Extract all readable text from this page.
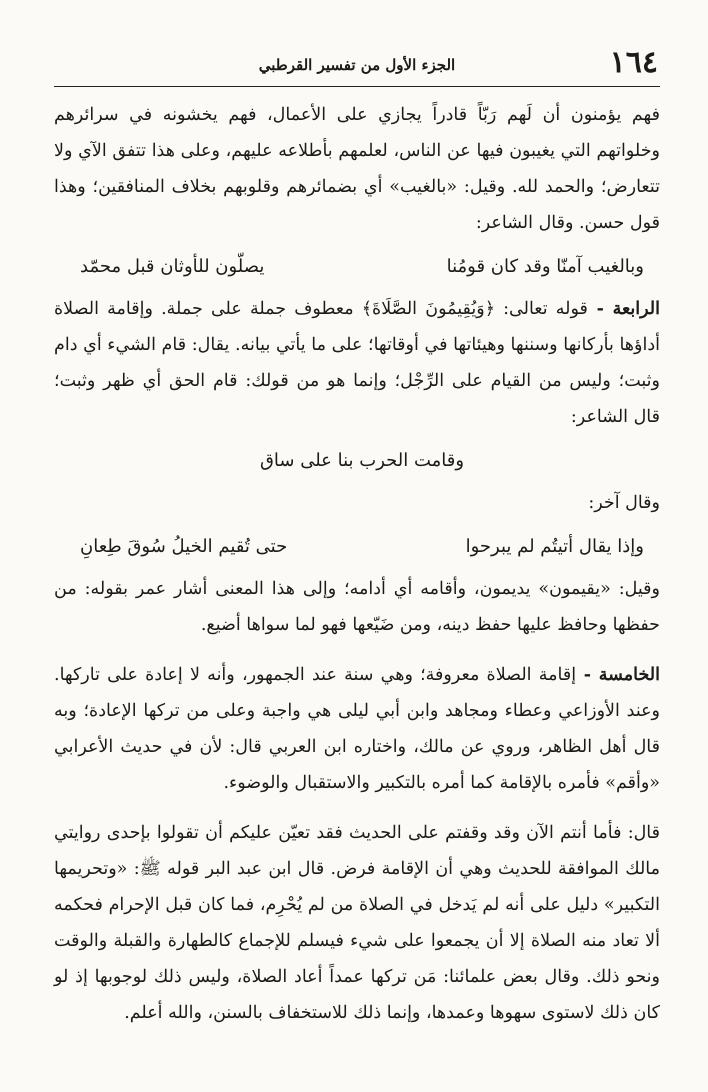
١٦٤
الجزء الأول من تفسير القرطبي

فهم يؤمنون أن لَهم رَبّاً قادراً يجازي على الأعمال، فهم يخشونه في سرائرهم وخلواتهم التي يغيبون فيها عن الناس، لعلمهم بأطلاعه عليهم، وعلى هذا تتفق الآي ولا تتعارض؛ والحمد لله. وقيل: «بالغيب» أي بضمائرهم وقلوبهم بخلاف المنافقين؛ وهذا قول حسن. وقال الشاعر:

وبالغيب آمنّا وقد كان قومُنا
يصلّون للأوثان قبل محمّد

الرابعة - قوله تعالى: ﴿وَيُقِيمُونَ الصَّلَاةَ﴾ معطوف جملة على جملة. وإقامة الصلاة أداؤها بأركانها وسننها وهيئاتها في أوقاتها؛ على ما يأتي بيانه. يقال: قام الشيء أي دام وثبت؛ وليس من القيام على الرِّجْل؛ وإنما هو من قولك: قام الحق أي ظهر وثبت؛ قال الشاعر:

وقامت الحرب بنا على ساق

وقال آخر:

وإذا يقال أتيتُم لم يبرحوا
حتى تُقيم الخيلُ سُوقَ طِعانِ

وقيل: «يقيمون» يديمون، وأقامه أي أدامه؛ وإلى هذا المعنى أشار عمر بقوله: من حفظها وحافظ عليها حفظ دينه، ومن ضَيّعها فهو لما سواها أضيع.

الخامسة - إقامة الصلاة معروفة؛ وهي سنة عند الجمهور، وأنه لا إعادة على تاركها. وعند الأوزاعي وعطاء ومجاهد وابن أبي ليلى هي واجبة وعلى من تركها الإعادة؛ وبه قال أهل الظاهر، وروي عن مالك، واختاره ابن العربي قال: لأن في حديث الأعرابي «وأقم» فأمره بالإقامة كما أمره بالتكبير والاستقبال والوضوء.

قال: فأما أنتم الآن وقد وقفتم على الحديث فقد تعيّن عليكم أن تقولوا بإحدى روايتي مالك الموافقة للحديث وهي أن الإقامة فرض. قال ابن عبد البر قوله ﷺ: «وتحريمها التكبير» دليل على أنه لم يَدخل في الصلاة من لم يُحْرِم، فما كان قبل الإحرام فحكمه ألا تعاد منه الصلاة إلا أن يجمعوا على شيء فيسلم للإجماع كالطهارة والقبلة والوقت ونحو ذلك. وقال بعض علمائنا: مَن تركها عمداً أعاد الصلاة، وليس ذلك لوجوبها إذ لو كان ذلك لاستوى سهوها وعمدها، وإنما ذلك للاستخفاف بالسنن، والله أعلم.
